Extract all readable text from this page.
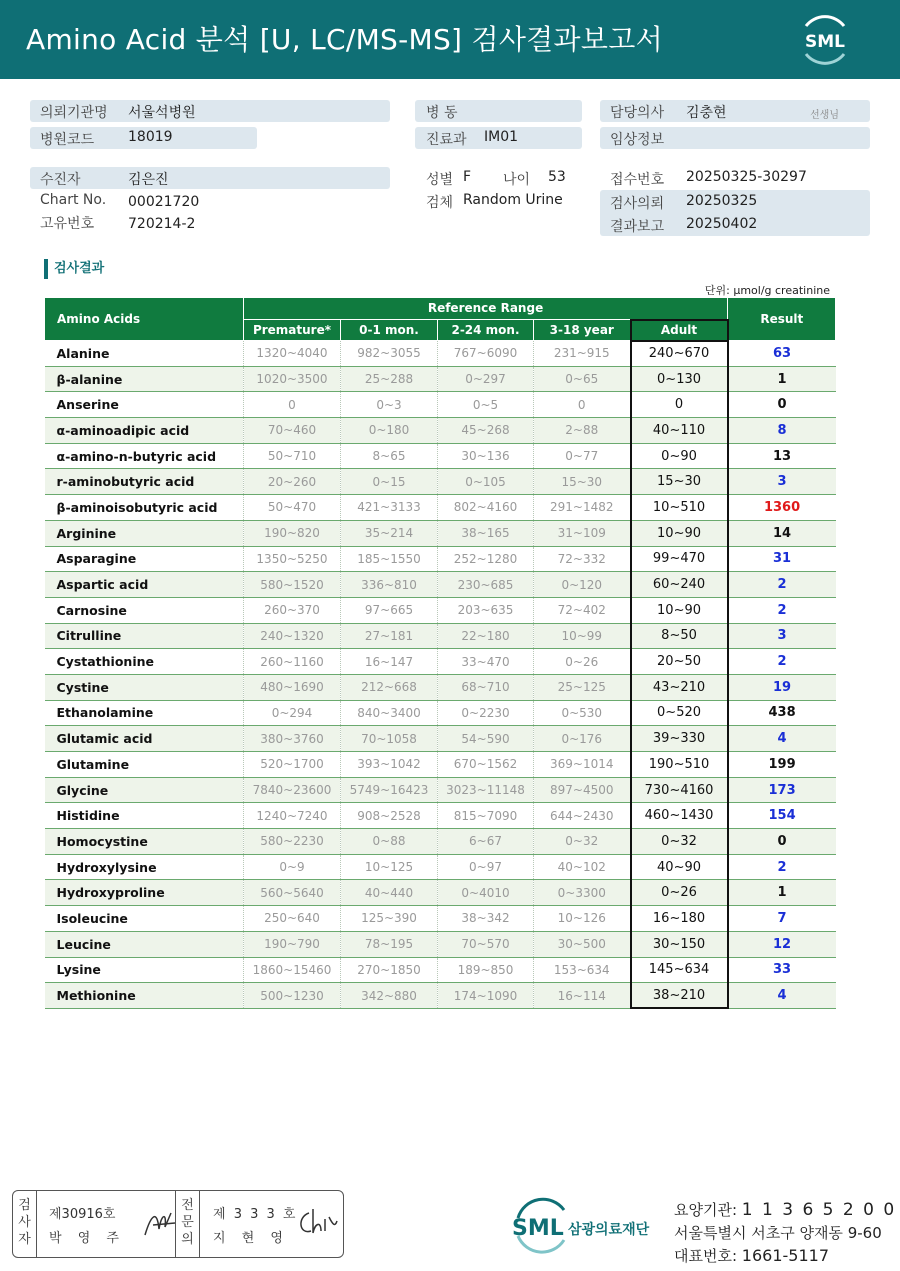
Amino Acid 분석 [U, LC/MS-MS] 검사결과보고서	SML
의뢰기관명 서울석병원
병원코드 18019
수진자	김은진
Chart No. 00021720
고유번호 720214-2
병 동
진료과 IM01
성별 F 나이 53
검체 Random Urine
담당의사 김충현	선생님
임상정보
접수번호 20250325-30297
검사의뢰 20250325
결과보고 20250402
검사결과
단위: µmol/g creatinine
Amino Acids	Reference Range					Result
	Premature*	0-1 mon.	2-24 mon.	3-18 year	Adult	
Alanine	1320~4040	982~3055	767~6090	231~915	240~670	63
β-alanine	1020~3500	25~288	0~297	0~65	0~130	1
Anserine	0	0~3	0~5	0	0	0
α-aminoadipic acid	70~460	0~180	45~268	2~88	40~110	8
α-amino-n-butyric acid	50~710	8~65	30~136	0~77	0~90	13
r-aminobutyric acid	20~260	0~15	0~105	15~30	15~30	3
β-aminoisobutyric acid	50~470	421~3133	802~4160	291~1482	10~510	1360
Arginine	190~820	35~214	38~165	31~109	10~90	14
Asparagine	1350~5250	185~1550	252~1280	72~332	99~470	31
Aspartic acid	580~1520	336~810	230~685	0~120	60~240	2
Carnosine	260~370	97~665	203~635	72~402	10~90	2
Citrulline	240~1320	27~181	22~180	10~99	8~50	3
Cystathionine	260~1160	16~147	33~470	0~26	20~50	2
Cystine	480~1690	212~668	68~710	25~125	43~210	19
Ethanolamine	0~294	840~3400	0~2230	0~530	0~520	438
Glutamic acid	380~3760	70~1058	54~590	0~176	39~330	4
Glutamine	520~1700	393~1042	670~1562	369~1014	190~510	199
Glycine	7840~23600	5749~16423	3023~11148	897~4500	730~4160	173
Histidine	1240~7240	908~2528	815~7090	644~2430	460~1430	154
Homocystine	580~2230	0~88	6~67	0~32	0~32	0
Hydroxylysine	0~9	10~125	0~97	40~102	40~90	2
Hydroxyproline	560~5640	40~440	0~4010	0~3300	0~26	1
Isoleucine	250~640	125~390	38~342	10~126	16~180	7
Leucine	190~790	78~195	70~570	30~500	30~150	12
Lysine	1860~15460	270~1850	189~850	153~634	145~634	33
Methionine	500~1230	342~880	174~1090	16~114	38~210	4
검
사
자
제30916호
박 영 주
전
문
의
제 3 3 3 호
지 현 영	SML 삼광의료재단
요양기관: 1 1 3 6 5 2 0 0
서울특별시 서초구 양재동 9-60
대표번호: 1661-5117
